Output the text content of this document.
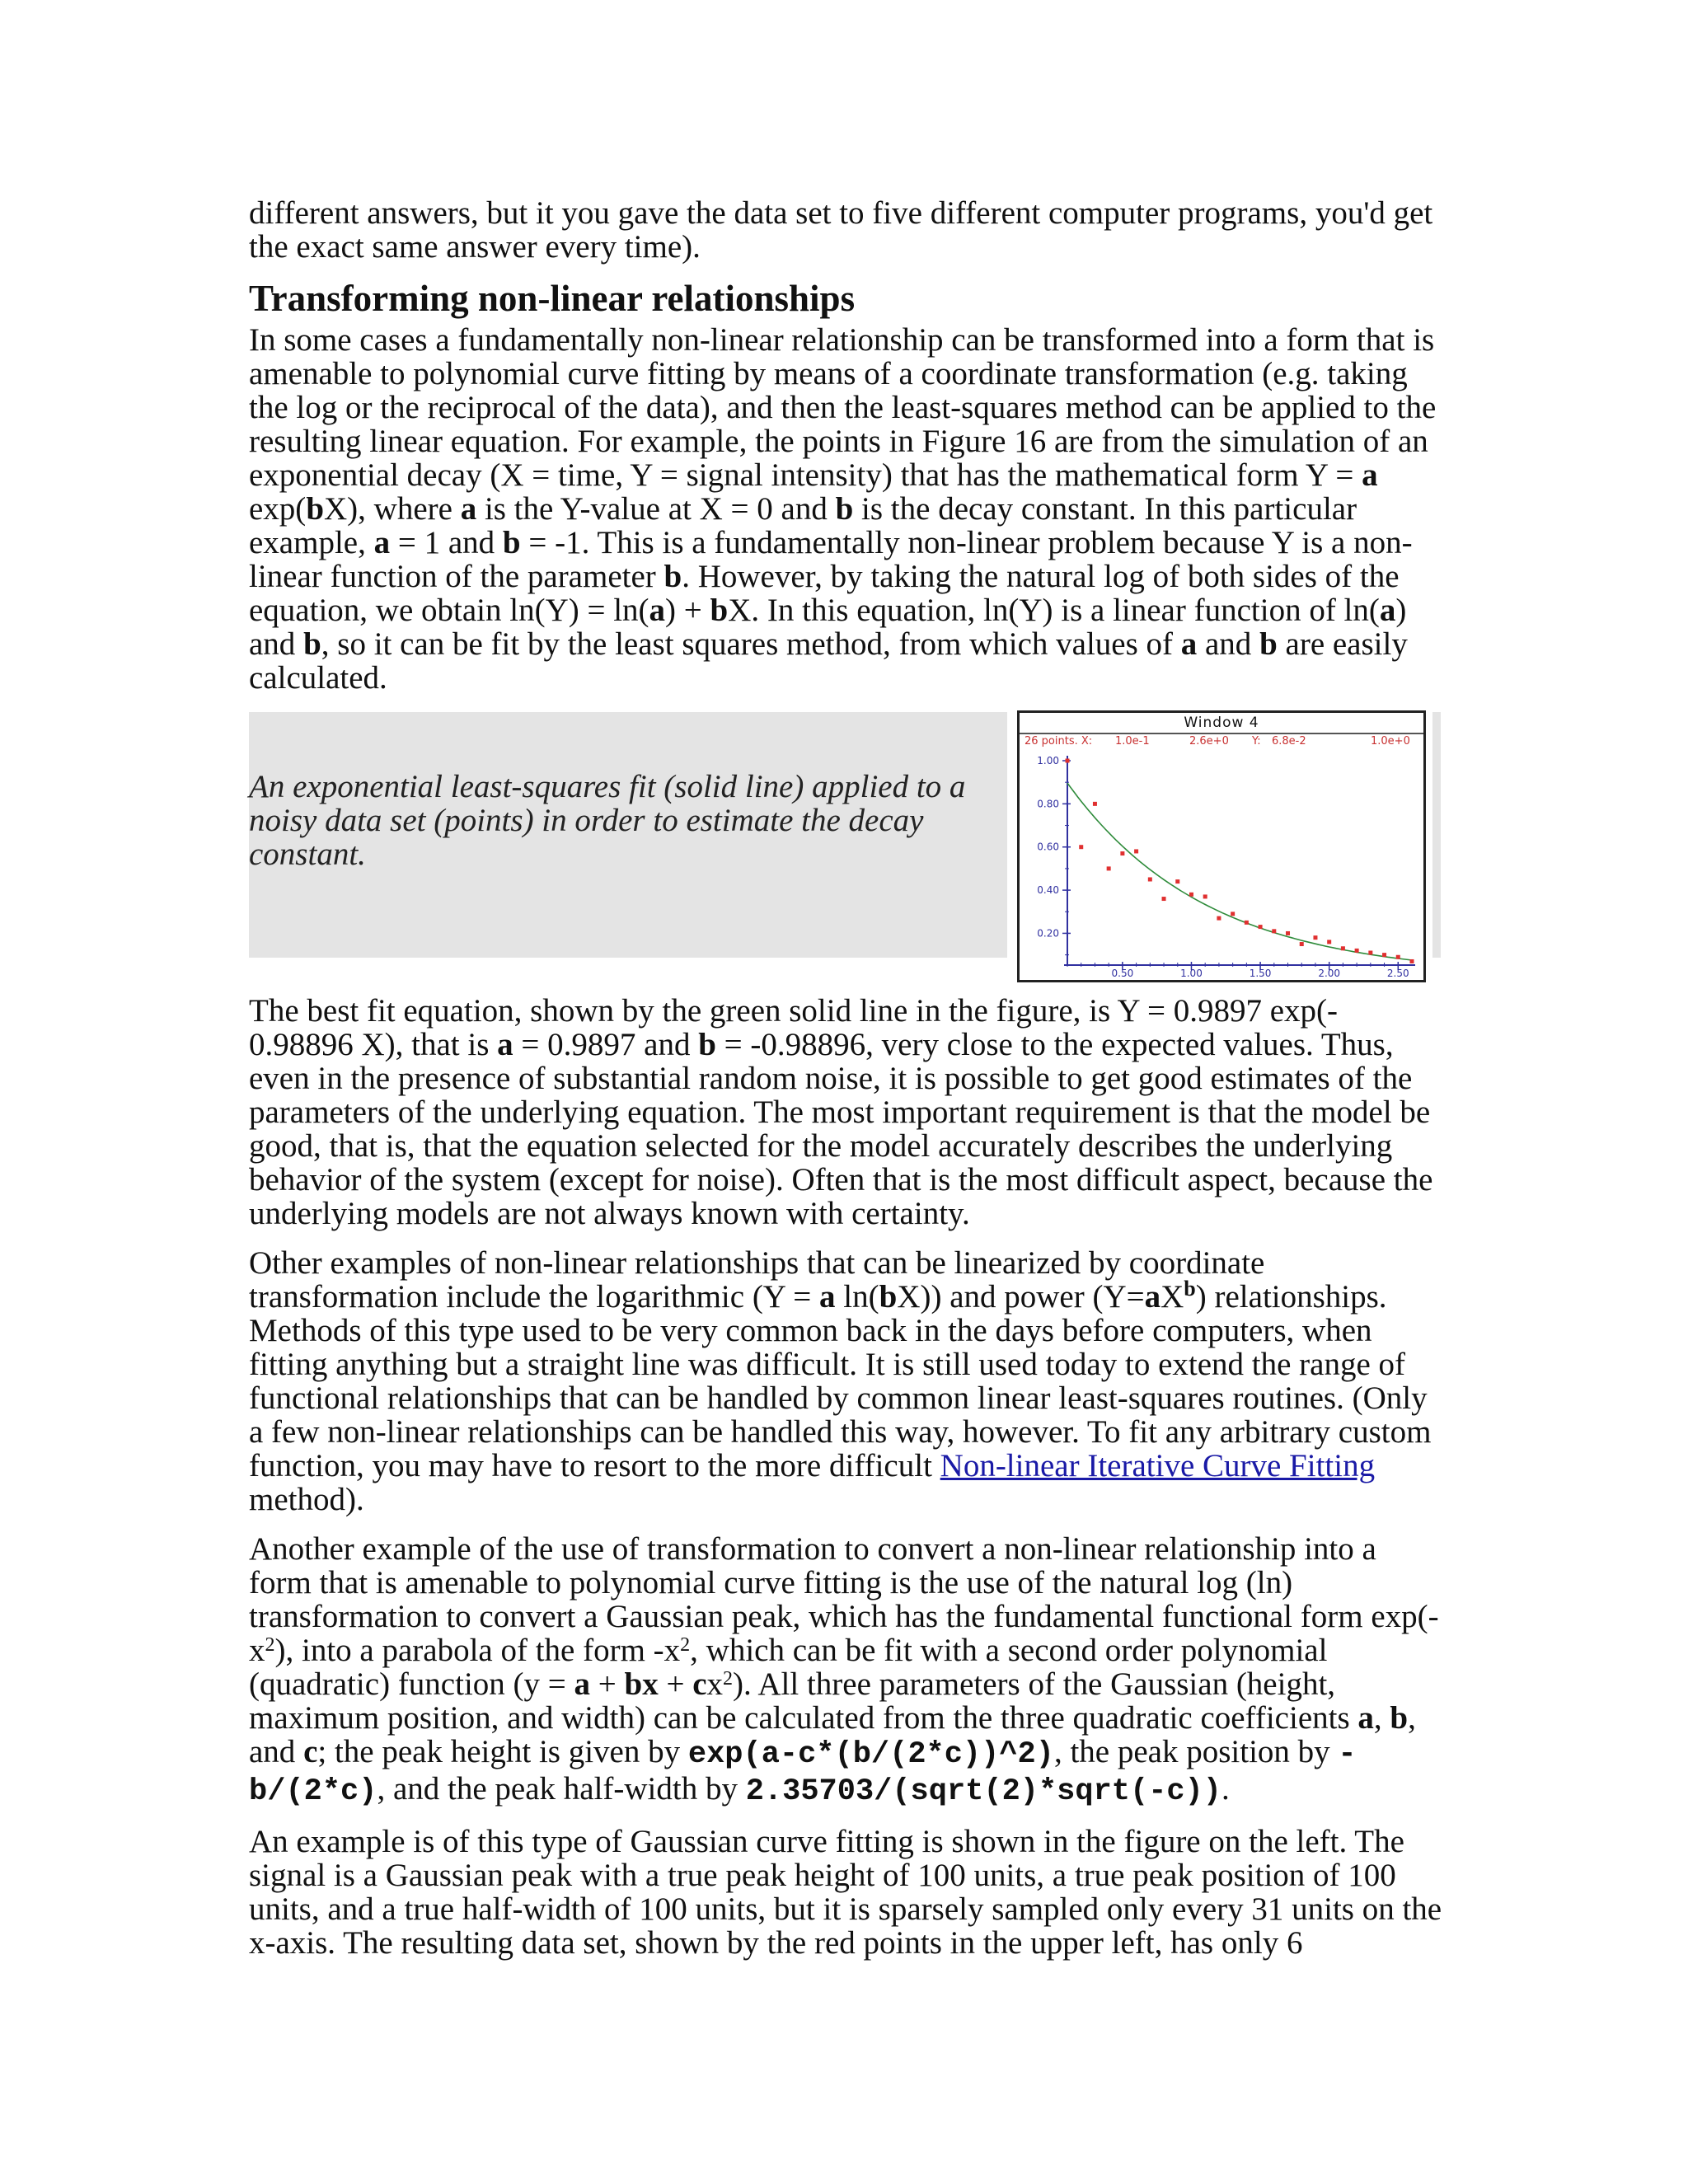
different answers, but it you gave the data set to five different computer programs, you'd get the exact same answer every time).

Transforming non-linear relationships

In some cases a fundamentally non-linear relationship can be transformed into a form that is amenable to polynomial curve fitting by means of a coordinate transformation (e.g. taking the log or the reciprocal of the data), and then the least-squares method can be applied to the resulting linear equation. For example, the points in Figure 16 are from the simulation of an exponential decay (X = time, Y = signal intensity) that has the mathematical form Y = a exp(bX), where a is the Y-value at X = 0 and b is the decay constant. In this particular example, a = 1 and b = -1. This is a fundamentally non-linear problem because Y is a non-linear function of the parameter b. However, by taking the natural log of both sides of the equation, we obtain ln(Y) = ln(a) + bX. In this equation, ln(Y) is a linear function of ln(a) and b, so it can be fit by the least squares method, from which values of a and b are easily calculated.

An exponential least-squares fit (solid line) applied to a noisy data set (points) in order to estimate the decay constant.
Window 4
26 points. X: 1.0e-1	2.6e+0 Y: 6.8e-2	1.0e+0
1.00
0.80
0.60
0.40
0.20
0.50	1.00	1.50	2.00	2.50

The best fit equation, shown by the green solid line in the figure, is Y = 0.9897 exp(- 0.98896 X), that is a = 0.9897 and b = -0.98896, very close to the expected values. Thus, even in the presence of substantial random noise, it is possible to get good estimates of the parameters of the underlying equation. The most important requirement is that the model be good, that is, that the equation selected for the model accurately describes the underlying behavior of the system (except for noise). Often that is the most difficult aspect, because the underlying models are not always known with certainty.

Other examples of non-linear relationships that can be linearized by coordinate transformation include the logarithmic (Y = a ln(bX)) and power $(Y=aX^b)$ relationships. Methods of this type used to be very common back in the days before computers, when fitting anything but a straight line was difficult. It is still used today to extend the range of functional relationships that can be handled by common linear least-squares routines. (Only a few non-linear relationships can be handled this way, however. To fit any arbitrary custom function, you may have to resort to the more difficult Non-linear Iterative Curve Fitting method).

Another example of the use of transformation to convert a non-linear relationship into a form that is amenable to polynomial curve fitting is the use of the natural log (ln) transformation to convert a Gaussian peak, which has the fundamental functional form $\exp(-x^2)$, into a parabola of the form $-x^2$, which can be fit with a second order polynomial (quadratic) function (y = a + bx + $cx^2$). All three parameters of the Gaussian (height, maximum position, and width) can be calculated from the three quadratic coefficients a, b, and c; the peak height is given by exp(a-c*(b/(2*c))^2), the peak position by -b/(2*c), and the peak half-width by 2.35703/(sqrt(2)*sqrt(-c)).

An example is of this type of Gaussian curve fitting is shown in the figure on the left. The signal is a Gaussian peak with a true peak height of 100 units, a true peak position of 100 units, and a true half-width of 100 units, but it is sparsely sampled only every 31 units on the x-axis. The resulting data set, shown by the red points in the upper left, has only 6
